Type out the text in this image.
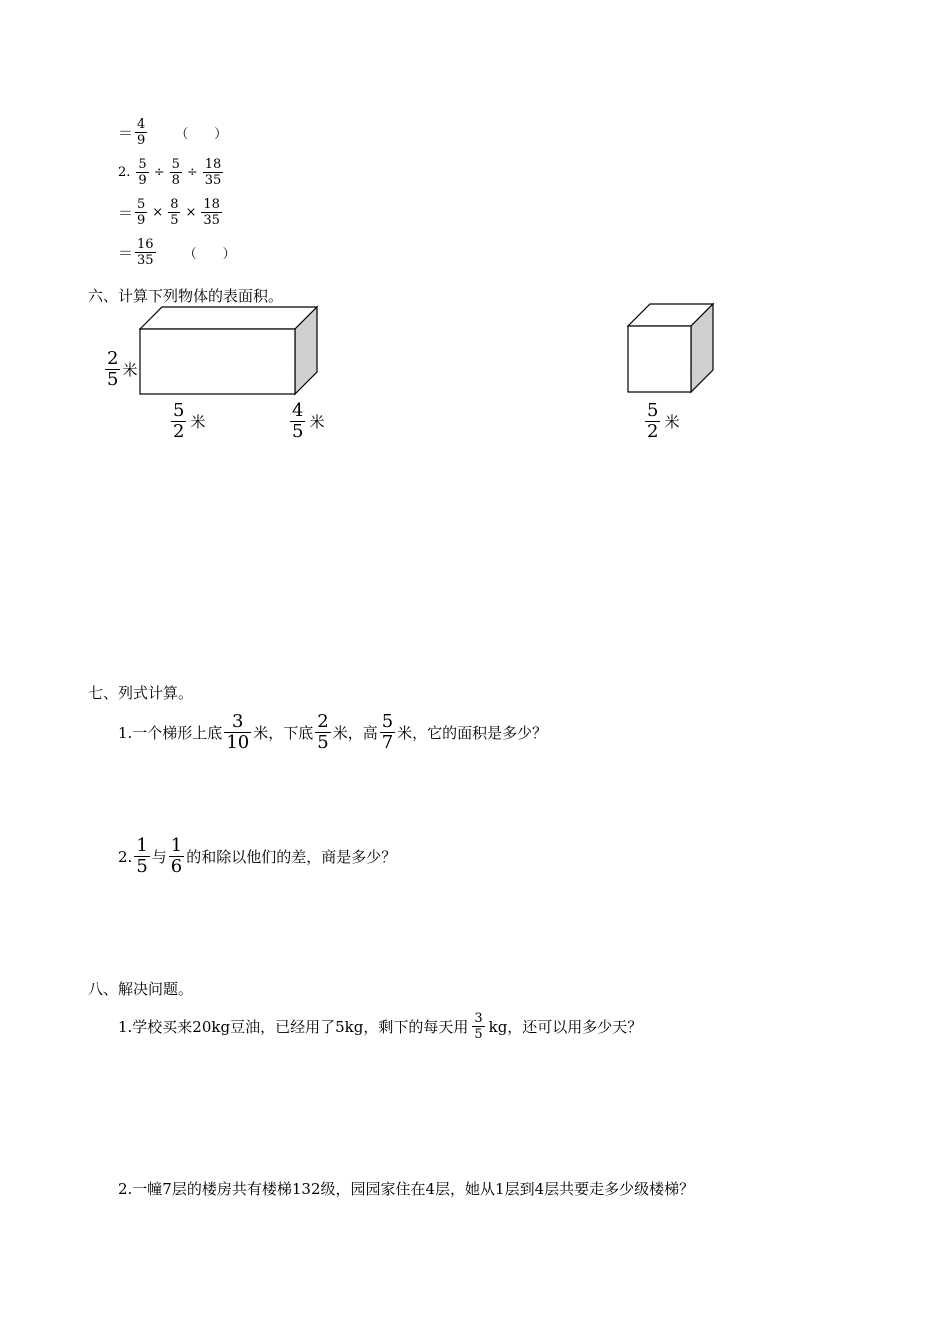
＝ $\frac{4}{9}$ （　　）
2. $\frac{5}{9} \div \frac{5}{8} \div \frac{18}{35}$
＝ $\frac{5}{9} \times \frac{8}{5} \times \frac{18}{35}$
＝ $\frac{16}{35}$ （　　）
六、计算下列物体的表面积。
$\frac{2}{5}$ 米
$\frac{5}{2}$ 米	$\frac{4}{5}$ 米	$\frac{5}{2}$ 米
七、列式计算。
1.一个梯形上底 $\frac{3}{10}$ 米，下底 $\frac{2}{5}$ 米，高 $\frac{5}{7}$ 米，它的面积是多少？
2. $\frac{1}{5}$ 与 $\frac{1}{6}$ 的和除以他们的差，商是多少？
八、解决问题。
1.学校买来20kg豆油，已经用了5kg，剩下的每天用 $\frac{3}{5}$ kg，还可以用多少天？
2.一幢7层的楼房共有楼梯132级，园园家住在4层，她从1层到4层共要走多少级楼梯？
